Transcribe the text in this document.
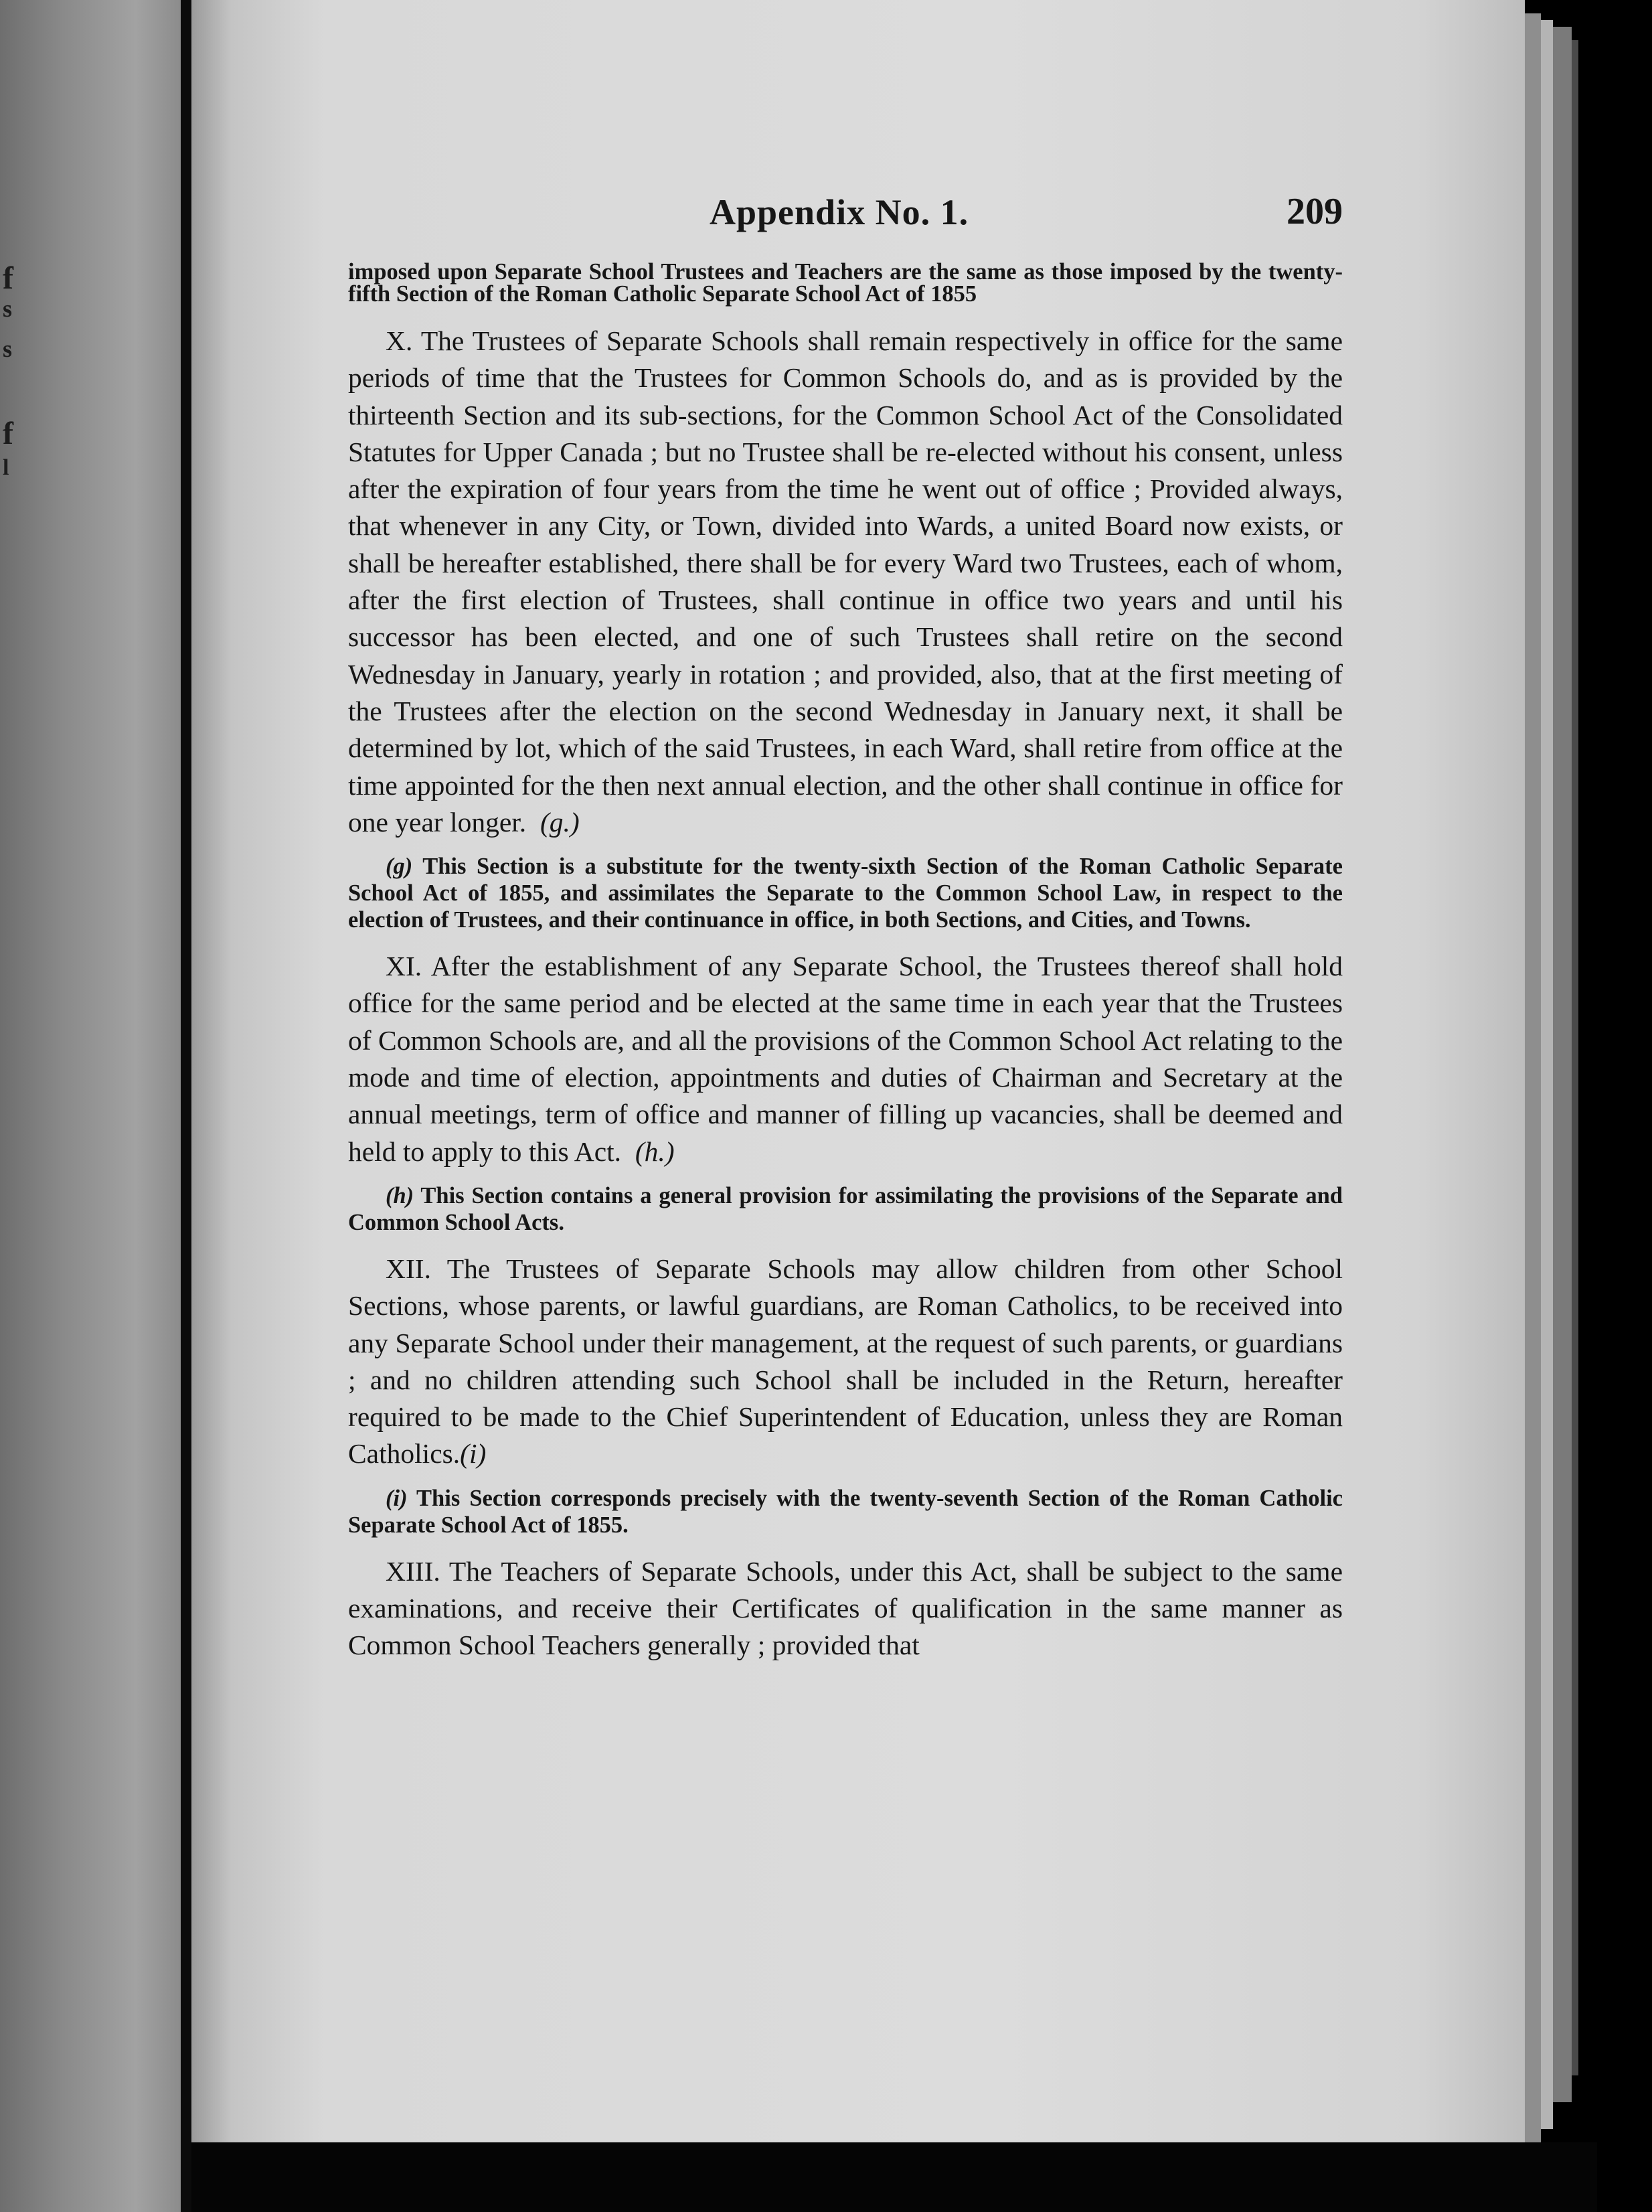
f
s
s
f
l
Appendix No. 1.	209

imposed upon Separate School Trustees and Teachers are the same as those imposed by the twenty-fifth Section of the Roman Catholic Separate School Act of 1855

X. The Trustees of Separate Schools shall remain respectively in office for the same periods of time that the Trustees for Common Schools do, and as is provided by the thirteenth Section and its sub-sections, for the Common School Act of the Consolidated Statutes for Upper Canada ; but no Trustee shall be re-elected without his consent, unless after the expiration of four years from the time he went out of office ; Provided always, that whenever in any City, or Town, divided into Wards, a united Board now exists, or shall be hereafter established, there shall be for every Ward two Trustees, each of whom, after the first election of Trustees, shall continue in office two years and until his successor has been elected, and one of such Trustees shall retire on the second Wednesday in January, yearly in rotation ; and provided, also, that at the first meeting of the Trustees after the election on the second Wednesday in January next, it shall be determined by lot, which of the said Trustees, in each Ward, shall retire from office at the time appointed for the then next annual election, and the other shall continue in office for one year longer. (g.)

(g) This Section is a substitute for the twenty-sixth Section of the Roman Catholic Separate School Act of 1855, and assimilates the Separate to the Common School Law, in respect to the election of Trustees, and their continuance in office, in both Sections, and Cities, and Towns.

XI. After the establishment of any Separate School, the Trustees thereof shall hold office for the same period and be elected at the same time in each year that the Trustees of Common Schools are, and all the provisions of the Common School Act relating to the mode and time of election, appointments and duties of Chairman and Secretary at the annual meetings, term of office and manner of filling up vacancies, shall be deemed and held to apply to this Act. (h.)

(h) This Section contains a general provision for assimilating the provisions of the Separate and Common School Acts.

XII. The Trustees of Separate Schools may allow children from other School Sections, whose parents, or lawful guardians, are Roman Catholics, to be received into any Separate School under their management, at the request of such parents, or guardians ; and no children attending such School shall be included in the Return, hereafter required to be made to the Chief Superintendent of Education, unless they are Roman Catholics.(i)

(i) This Section corresponds precisely with the twenty-seventh Section of the Roman Catholic Separate School Act of 1855.

XIII. The Teachers of Separate Schools, under this Act, shall be subject to the same examinations, and receive their Certificates of qualification in the same manner as Common School Teachers generally ; provided that
